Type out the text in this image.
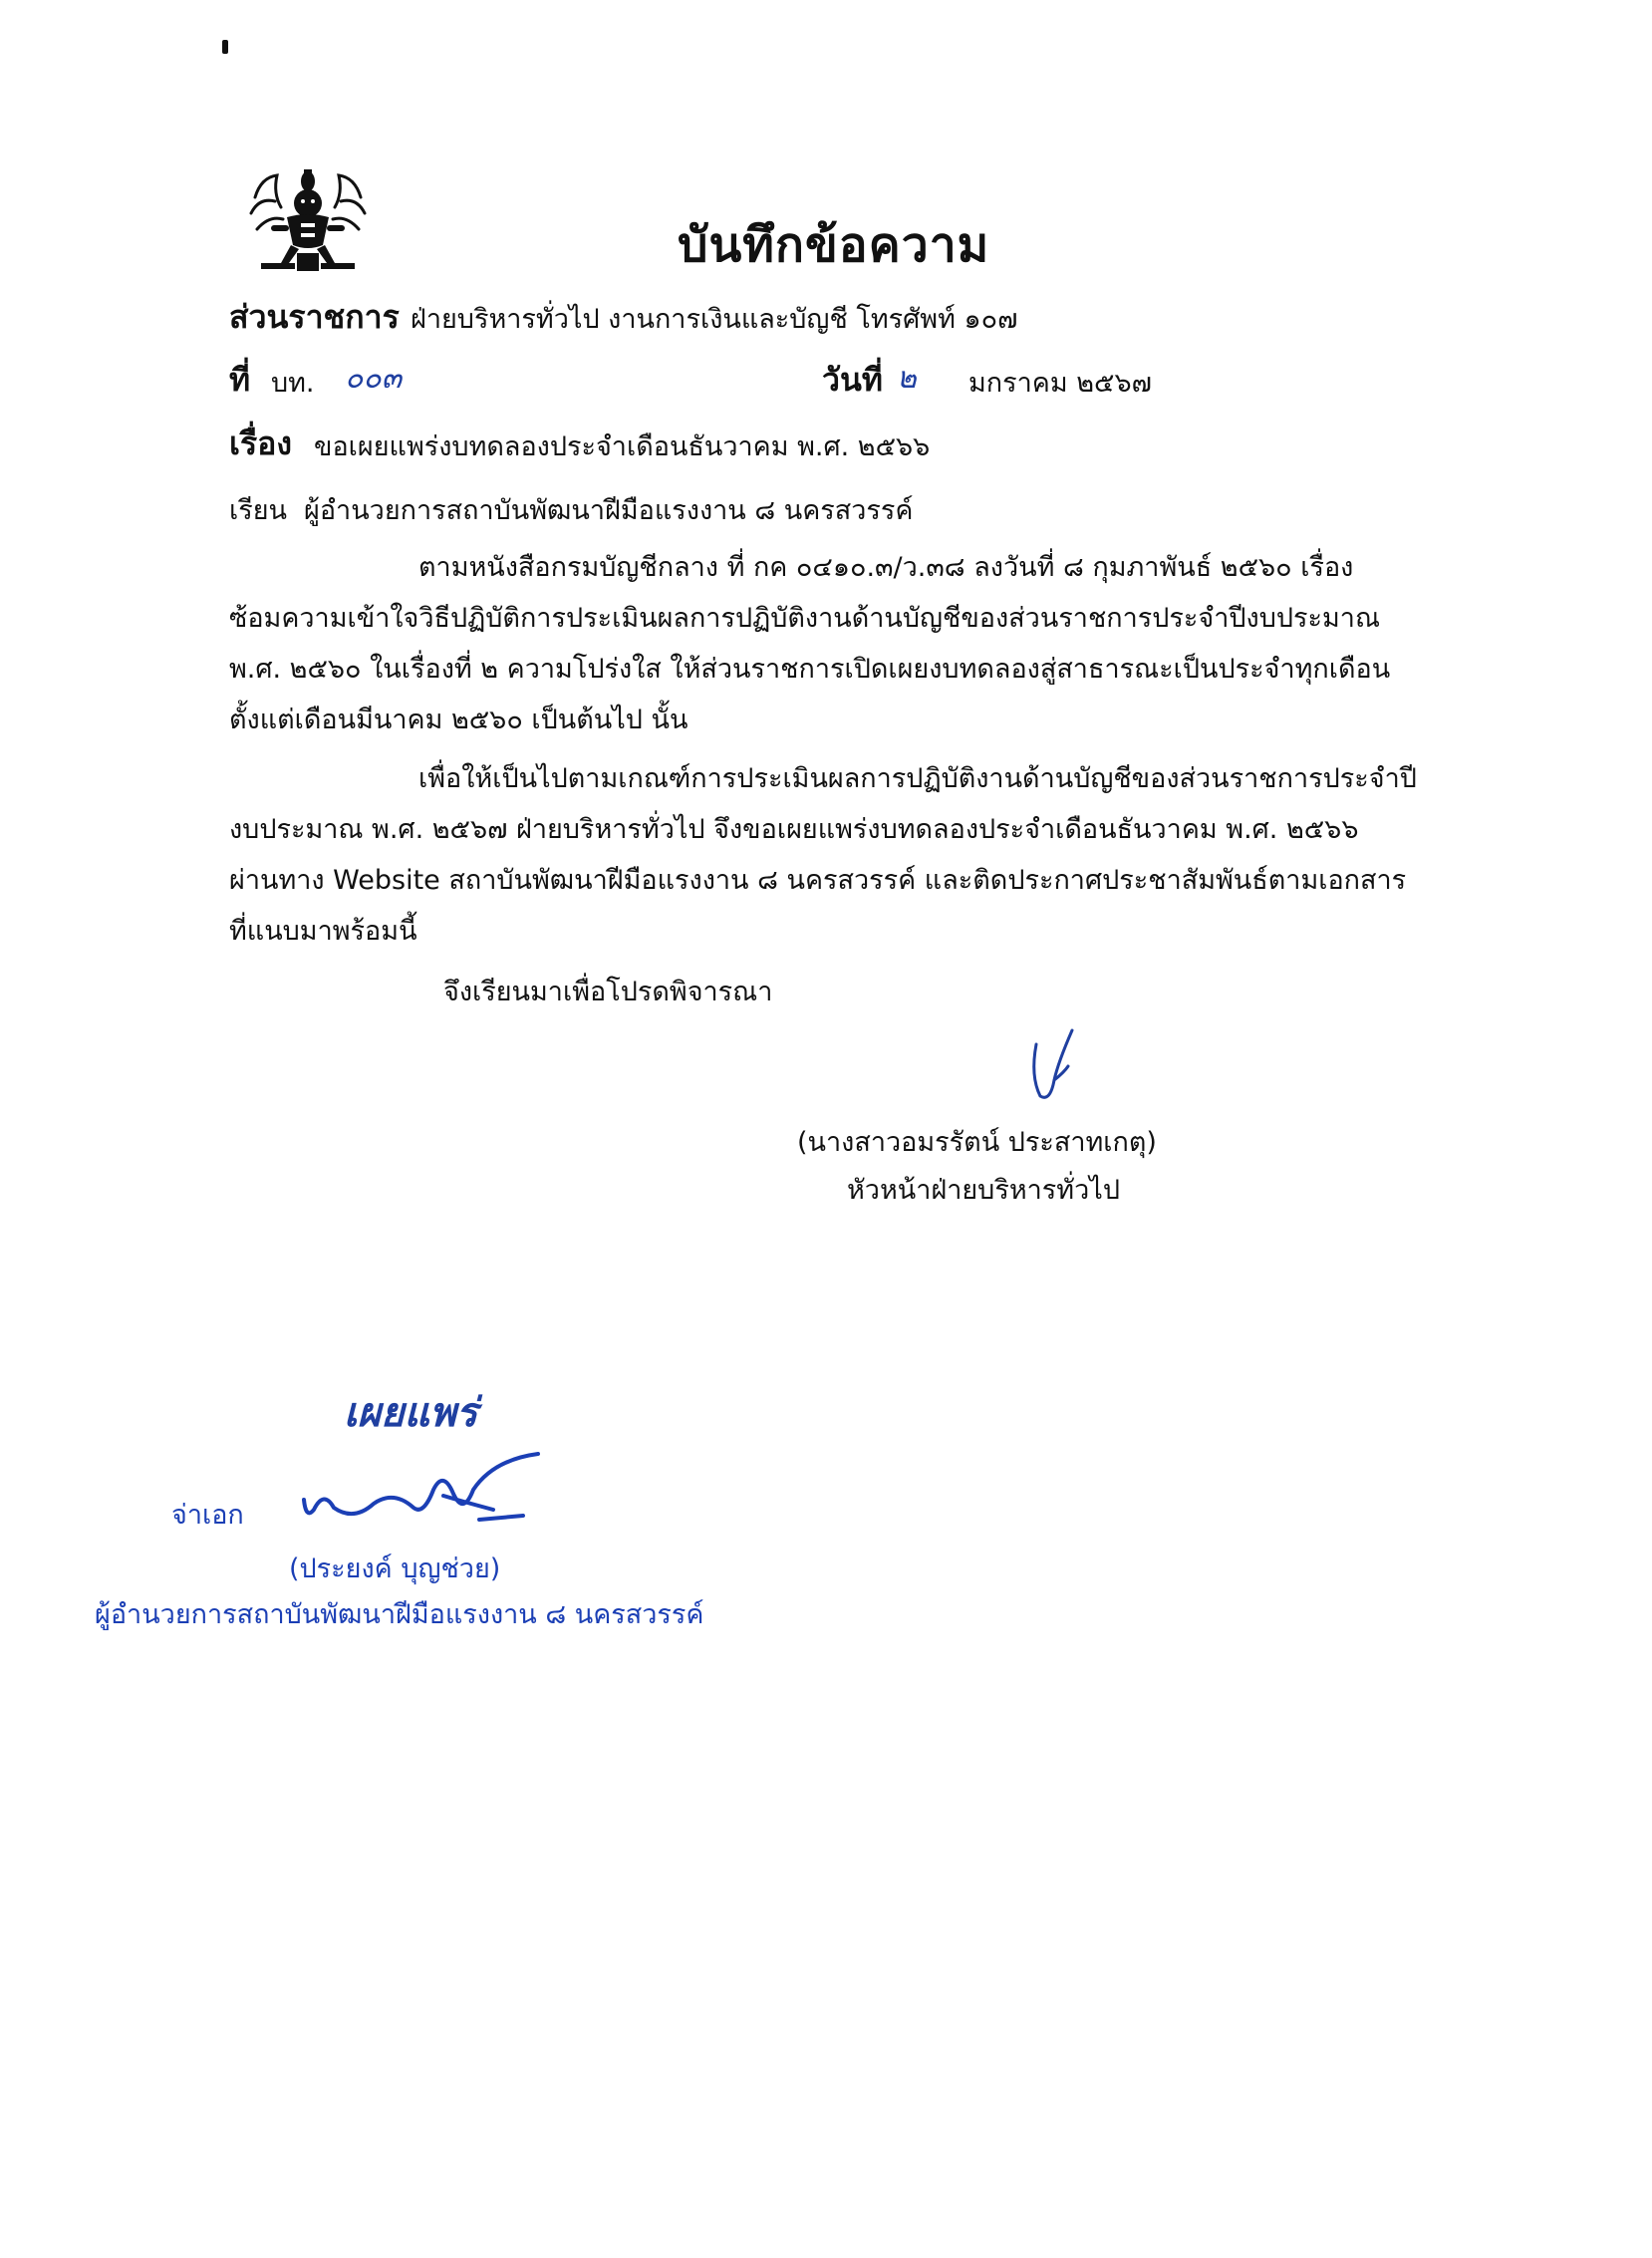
บันทึกข้อความ
ส่วนราชการ ฝ่ายบริหารทั่วไป งานการเงินและบัญชี โทรศัพท์ ๑๐๗
ที่ บท. ๐๐๓	วันที่ ๒ มกราคม ๒๕๖๗
เรื่อง ขอเผยแพร่งบทดลองประจำเดือนธันวาคม พ.ศ. ๒๕๖๖
เรียน ผู้อำนวยการสถาบันพัฒนาฝีมือแรงงาน ๘ นครสวรรค์
ตามหนังสือกรมบัญชีกลาง ที่ กค ๐๔๑๐.๓/ว.๓๘ ลงวันที่ ๘ กุมภาพันธ์ ๒๕๖๐ เรื่อง
ซ้อมความเข้าใจวิธีปฏิบัติการประเมินผลการปฏิบัติงานด้านบัญชีของส่วนราชการประจำปีงบประมาณ
พ.ศ. ๒๕๖๐ ในเรื่องที่ ๒ ความโปร่งใส ให้ส่วนราชการเปิดเผยงบทดลองสู่สาธารณะเป็นประจำทุกเดือน
ตั้งแต่เดือนมีนาคม ๒๕๖๐ เป็นต้นไป นั้น
เพื่อให้เป็นไปตามเกณฑ์การประเมินผลการปฏิบัติงานด้านบัญชีของส่วนราชการประจำปี
งบประมาณ พ.ศ. ๒๕๖๗ ฝ่ายบริหารทั่วไป จึงขอเผยแพร่งบทดลองประจำเดือนธันวาคม พ.ศ. ๒๕๖๖
ผ่านทาง Website สถาบันพัฒนาฝีมือแรงงาน ๘ นครสวรรค์ และติดประกาศประชาสัมพันธ์ตามเอกสาร
ที่แนบมาพร้อมนี้
จึงเรียนมาเพื่อโปรดพิจารณา
(นางสาวอมรรัตน์ ประสาทเกตุ)
หัวหน้าฝ่ายบริหารทั่วไป
เผยแพร่
จ่าเอก
(ประยงค์ บุญช่วย)
ผู้อำนวยการสถาบันพัฒนาฝีมือแรงงาน ๘ นครสวรรค์
